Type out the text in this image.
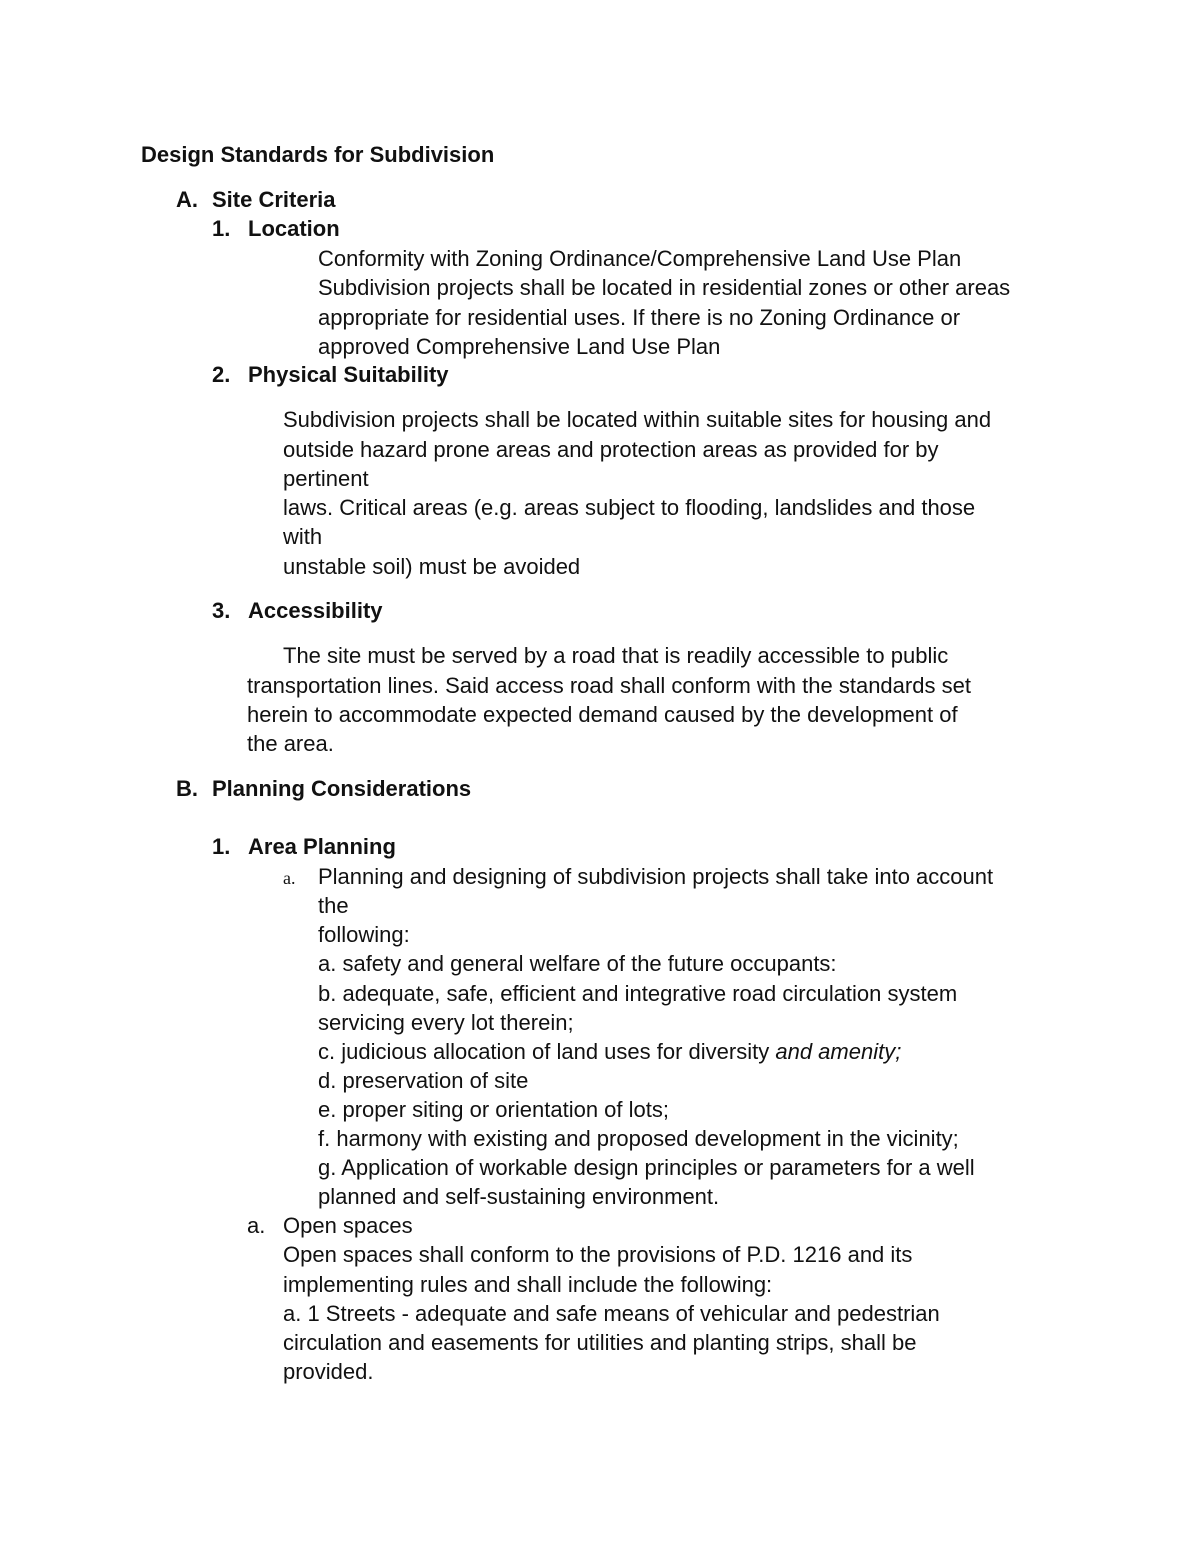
Design Standards for Subdivision
A. Site Criteria
1. Location
Conformity with Zoning Ordinance/Comprehensive Land Use Plan
Subdivision projects shall be located in residential zones or other areas
appropriate for residential uses. If there is no Zoning Ordinance or
approved Comprehensive Land Use Plan
2. Physical Suitability
Subdivision projects shall be located within suitable sites for housing and
outside hazard prone areas and protection areas as provided for by
pertinent
laws. Critical areas (e.g. areas subject to flooding, landslides and those
with
unstable soil) must be avoided
3. Accessibility
The site must be served by a road that is readily accessible to public
transportation lines. Said access road shall conform with the standards set
herein to accommodate expected demand caused by the development of
the area.
B. Planning Considerations
1. Area Planning
a. Planning and designing of subdivision projects shall take into account
the
following:
a. safety and general welfare of the future occupants:
b. adequate, safe, efficient and integrative road circulation system
servicing every lot therein;
c. judicious allocation of land uses for diversity and amenity;
d. preservation of site
e. proper siting or orientation of lots;
f. harmony with existing and proposed development in the vicinity;
g. Application of workable design principles or parameters for a well
planned and self-sustaining environment.
a. Open spaces
Open spaces shall conform to the provisions of P.D. 1216 and its
implementing rules and shall include the following:
a. 1 Streets - adequate and safe means of vehicular and pedestrian
circulation and easements for utilities and planting strips, shall be
provided.
